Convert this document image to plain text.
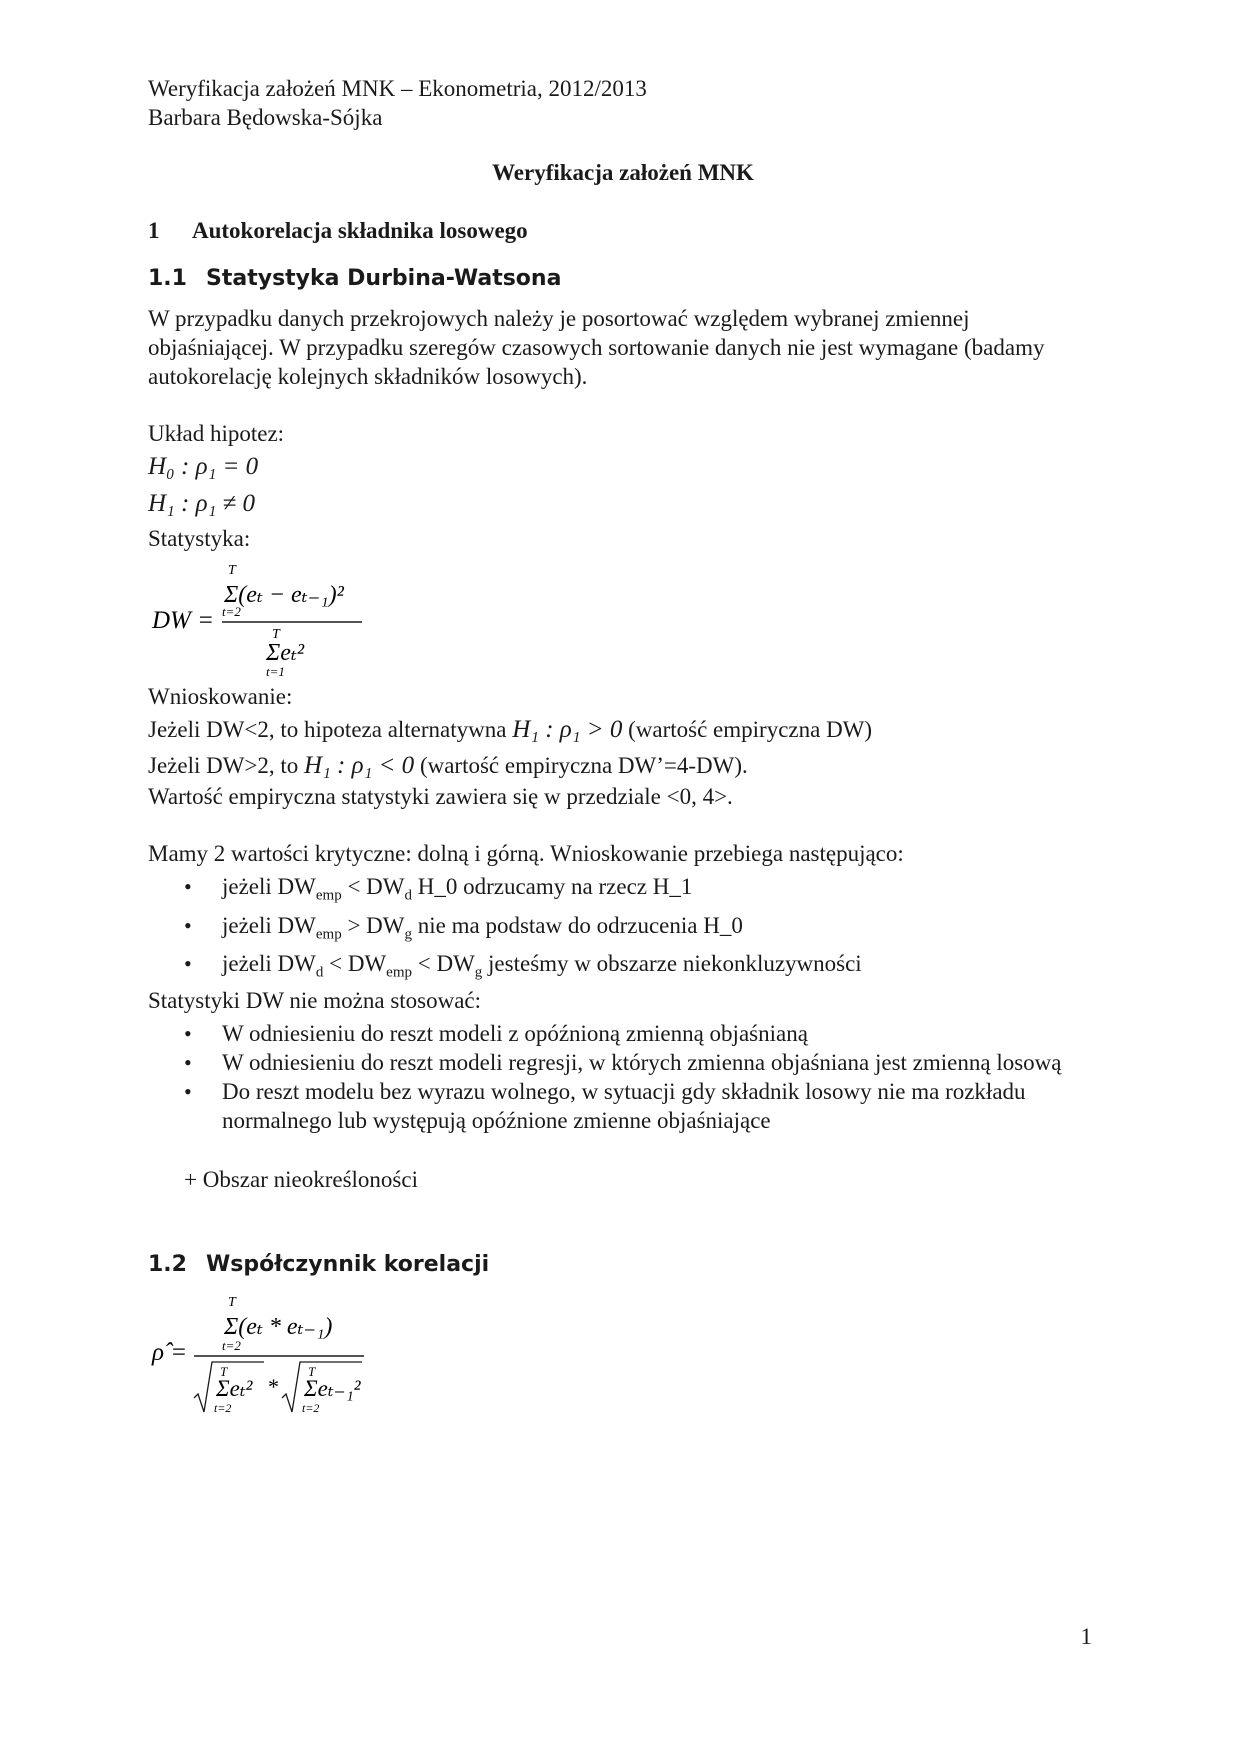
Weryfikacja założeń MNK – Ekonometria, 2012/2013
Barbara Będowska-Sójka
Weryfikacja założeń MNK
1 Autokorelacja składnika losowego
1.1 Statystyka Durbina-Watsona
W przypadku danych przekrojowych należy je posortować względem wybranej zmiennej objaśniającej. W przypadku szeregów czasowych sortowanie danych nie jest wymagane (badamy autokorelację kolejnych składników losowych).
Układ hipotez:
H₀ : ρ₁ = 0
H₁ : ρ₁ ≠ 0
Statystyka:
DW =
T
Σ(eₜ − eₜ₋₁)²
t=2
T
Σeₜ²
t=1
Wnioskowanie:
Jeżeli DW<2, to hipoteza alternatywna H₁ : ρ₁ > 0 (wartość empiryczna DW)
Jeżeli DW>2, to H₁ : ρ₁ < 0 (wartość empiryczna DW’=4-DW).
Wartość empiryczna statystyki zawiera się w przedziale <0, 4>.
Mamy 2 wartości krytyczne: dolną i górną. Wnioskowanie przebiega następująco:
• jeżeli $DW_{emp} < DW_d$ H_0 odrzucamy na rzecz H_1
• jeżeli $DW_{emp} > DW_g$ nie ma podstaw do odrzucenia H_0
• jeżeli $DW_d < DW_{emp} < DW_g$ jesteśmy w obszarze niekonkluzywności
Statystyki DW nie można stosować:
• W odniesieniu do reszt modeli z opóźnioną zmienną objaśnianą
• W odniesieniu do reszt modeli regresji, w których zmienna objaśniana jest zmienną losową
• Do reszt modelu bez wyrazu wolnego, w sytuacji gdy składnik losowy nie ma rozkładu normalnego lub występują opóźnione zmienne objaśniające
+ Obszar nieokreśloności
1.2 Współczynnik korelacji
ρ̂ =
T
Σ(eₜ * eₜ₋₁)
t=2
T
Σeₜ²
t=2
*
T
Σeₜ₋₁²
t=2
1
